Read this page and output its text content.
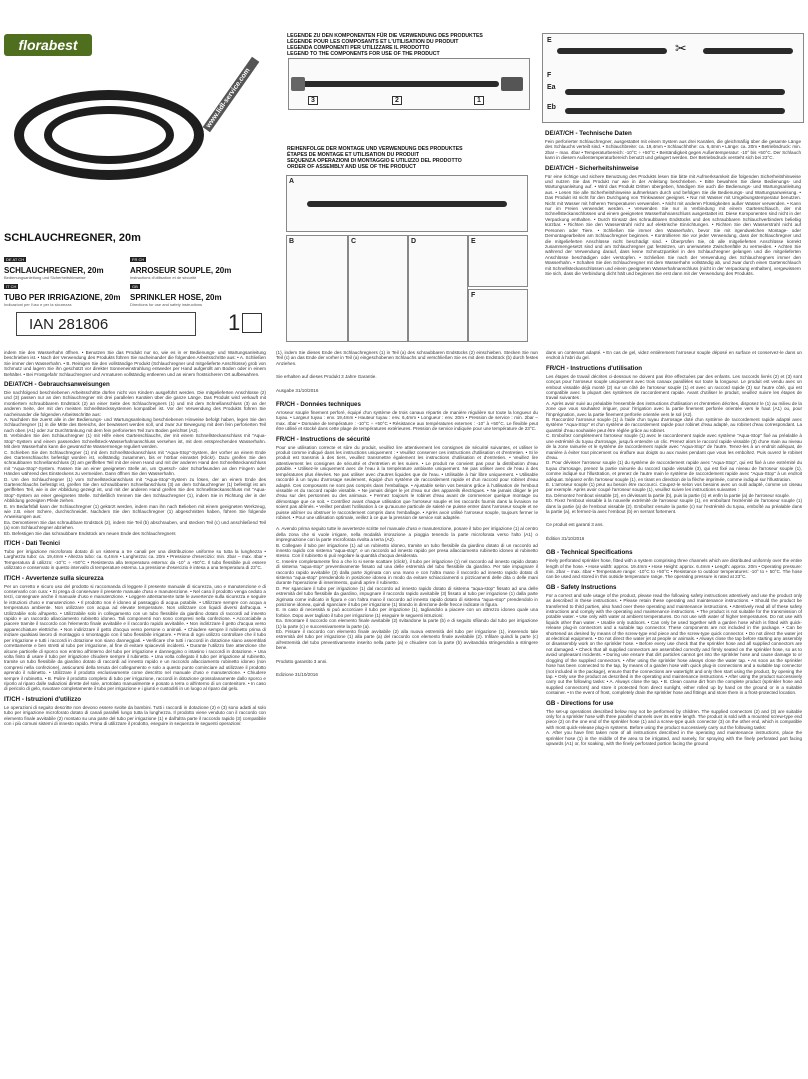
florabest
www.lidl-service.com
SCHLAUCHREGNER, 20m
DE AT CH
SCHLAUCHREGNER, 20m
Bedienungsanleitung und Sicherheitshinweise
IT CH
TUBO PER IRRIGAZIONE, 20m
Indicazioni per l'uso e per la sicurezza
FR CH
ARROSEUR SOUPLE, 20m
Instructions d'utilisation et de sécurité
GB
SPRINKLER HOSE, 20m
Directions for use and safety instructions
IAN 281806	1
LEGENDE ZU DEN KOMPONENTEN FÜR DIE VERWENDUNG DES PRODUKTES
LÉGENDE POUR LES COMPOSANTS ET L'UTILISATION DU PRODUIT
LEGENDA COMPONENTI PER UTILIZZARE IL PRODOTTO
LEGEND TO THE COMPONENTS FOR USE OF THE PRODUCT
3	2	1
REIHENFOLGE DER MONTAGE UND VERWENDUNG DES PRODUKTES
ÉTAPES DE MONTAGE ET UTILISATION DU PRODUIT
SEQUENZA OPERAZIONI DI MONTAGGIO E UTILIZZO DEL PRODOTTO
ORDER OF ASSEMBLY AND USE OF THE PRODUCT
A
B	C	D	E
F
E	✂
F
Ea
Eb
DE/AT/CH - Technische Daten
Fein perforierter Schlauchregner, ausgestattet mit einem System aus drei Kanälen, die gleichmäßig über die gesamte Länge des Schlauchs verteilt sind. • Schlauchbreite: ca. 19,4mm • Schlauchhöhe: ca. 6,4mm • Länge: ca. 20m • Betriebsdruck: min. 2bar – max. 4bar • Temperaturbereich: -10°C ÷ +50°C • Beständigkeit gegen Außentemperatur: -10° bis +50°C. Der Schlauch kann in diesem Außentemperaturbereich benutzt und gelagert werden. Der Betriebsdruck versteht sich bei 23°C.
DE/AT/CH - Sicherheitshinweise
Für eine richtige und sichere Benutzung des Produkts lesen Sie bitte mit Aufmerksamkeit die folgenden Sicherheitshinweise und nutzen Sie das Produkt nur wie in der Anleitung beschrieben. • Bitte bewahren Sie diese Bedienungs- und Wartungsanleitung auf. • Wird das Produkt Dritten übergeben, händigen Sie auch die Bedienungs- und Wartungsanleitung aus. • Lesen Sie alle Sicherheitshinweise aufmerksam durch und befolgen Sie die Bedienungs- und Wartungsanweisung. • Das Produkt ist nicht für den Durchgang von Trinkwasser geeignet. • Nur mit Wasser mit Umgebungstemperatur benutzen. Nicht mit Wasser mit höheren Temperaturen verwenden. • Nicht mit anderen Flüssigkeiten außer Wasser verwenden. • Kann nur im Freien verwendet werden. • Verwenden Sie nur in Verbindung mit einem Gartenschlauch, der mit Schnellsteckanschlüssen und einem geeigneten Wasserhahnanschluss ausgestattet ist. Diese Komponenten sind nicht in der Verpackung enthalten. • Durch Einsatz des schraubbaren Endstücks und des schraubbaren Schlauchverbinders beliebig kürzbar. • Richten Sie den Wasserstrahl nicht auf elektrische Einrichtungen. • Richten Sie den Wasserstrahl nicht auf Personen oder Tiere. • Schließen Sie immer den Wasserhahn, bevor Sie mit irgendwelchen Montage- oder Demontagearbeiten am Schlauchregner beginnen. • Kontrollieren Sie vor jeder Verwendung, dass der Schlauchregner und die mitgelieferten Anschlüsse nicht beschädigt sind. • Überprüfen Sie, ob alle mitgelieferten Anschlüsse korrekt zusammengesetzt sind und am Schlauchregner gut festsitzen, um unerwartete Zwischenfälle zu vermeiden. • Achten Sie während der Verwendung darauf, dass keine Schmutzpartikel in den Schlauchregner gelangen und die mitgelieferten Anschlüsse beschädigen oder verstopfen. • Schließen Sie nach der Verwendung des Schlauchregners immer den Wasserhahn. • Schalten Sie den Schlauchregner mit dem Wasserhahn vollständig ab, und zwar durch einen Gartenschlauch mit Schnellsteckanschlüssen und einem geeigneten Wasserhahnanschluss (nicht in der Verpackung enthalten), vergewissern Sie sich, dass die Verbindung dicht hält und beginnen Sie erst dann mit der Verwendung des Produkts.
indem Sie den Wasserhahn öffnen. • Benutzen Sie das Produkt nur so, wie es in er Bedienungs- und Wartungsanleitung beschrieben ist. • Nach der Verwendung des Produkts führen Sie nacheinander die folgenden Arbeitsschritte aus: • A. Schließen Sie immer den Wasserhahn. • B. Reinigen Sie den vollständige Produkt (Schlauchregner und mitgelieferte Anschlüsse) grob von Schmutz und lagern Sie ihn geschützt vor direkter Sonneneinstrahlung entweder per Hand aufgerollt am Boden oder in einem Behälter. • Bei Frostgefahr Schlauchregner und Armaturen vollständig entleeren und an einem frostsicheren Ort aufbewahren.
DE/AT/CH - Gebrauchsanweisungen
Die nachfolgend beschriebenen Arbeitsschritte dürfen nicht von Kindern ausgeführt werden. Die mitgelieferten Anschlüsse (2) und (3) passen nur an den Schlauchregner mit drei parallelen Kanälen über die ganze Länge. Das Produkt wird verkauft mit montiertem schraubbarem Endstück (2) an einer Seite des Schlauchregners (1) und mit dem Schnellanschluss (3) an der anderen Seite, der mit den meisten Schnellsteckssystemen kompatibel ist. Vor der Verwendung des Produkts führen Sie nacheinander die folgenden Arbeitsschritte aus:
A. Nachdem Sie zuerst alle in der Bedienungs- und Wartungsanleitung beschriebenen Hinweise befolgt haben, legen Sie den Schlauchregner (1) in die Mitte des Bereichs, der bewässert werden soll, und zwar zur Bewegung mit dem fein perforierten Teil nach oben (A1) oder zur Durchtränkung mit dem fein perforierten Teil zum Boden gerichtet (A2).
B. Verbinden Sie den Schlauchregner (1) mit Hilfe eines Gartenschlauchs, der mit einem Schnellsteckanschluss mit "Aqua-Stop"-System und einem passenden Schnellsteck-Wasserhahnanschluss versehen ist, mit dem entsprechenden Wasserhahn. Mit dem Wasserhahn kann die gewünschte Wassermenge reguliert werden.
C. Schieben Sie den Schlauchregner (1) mit dem Schnellsteckanschluss mit "Aqua-Stop"-System, der vorher an einem Ende des Gartenschlauchs befestigt worden ist, vollständig zusammen, bis er hörbar einrastet (Klick!). Dazu greifen Sie den schraubbaren Schnellanschluss (3) am geriffelten Teil mit der einen Hand und mit der anderen Hand den Schnellsteckanschluss mit "Aqua-Stop"-System. Fassen Sie an einer geeigneten Stelle an, um Quetsch- oder Schürfwunden an den Fingern oder Händen während des Einsteckens zu vermeiden. Dann öffnen Sie den Wasserhahn.
D. Um den Schlauchregner (1) vom Schnellsteckanschluss mit "Aqua-Stop"-System zu lösen, der an einem Ende des Gartenschlauchs befestigt ist, greifen Sie den schraubbaren Schnellanschluss (3) an dem Schlauchregner (1) befestigt ist am geriffelten Teil, wie in der Abbildung gezeigt ist, und mit der anderen Hand greifen Sie den Schnellsteckanschluss mit "Aqua-Stop"-System an einer geeigneten Stelle. Schließlich trennen Sie den Schlauchregner (1), indem Sie in Richtung der in der Abbildung gezeigten Pfeile ziehen.
E. Im Bedarfsfall kann der Schlauchregner (1) gekürzt werden, indem man ihn nach Belieben mit einem geeigneten Werkzeug, wie z.B. einer Schere, durchschneidet. Nachdem Sie den Schlauchregner (1) abgeschnitten haben, führen Sie folgende Anweisungen aus:
Ea. Demontieren Sie das schraubbare Endstück (2), indem Sie Teil (b) abschrauben, und stecken Teil (c) und anschließend Teil (a) vom Schlauchregner abziehen.
Eb. Befestigen Sie das schraubbare Endstück am neuen Ende des Schlauchregners
IT/CH - Dati Tecnici
Tubo per irrigazione microforato dotato di un sistema a tre canali per una distribuzione uniforme su tutta la lunghezza • Larghezza tubo: ca. 19,4mm • Altezza tubo: ca. 6,4mm • Lunghezza: ca. 20m • Pressione d'esercizio: min. 2bar – max. 4bar • Temperatura di utilizzo: -10°C ÷ +50°C • Resistenza alla temperatura esterna: da -10° a +50°C. Il tubo flessibile può essere utilizzato e conservato in questo intervallo di temperature esterna. La pressione d'esercizio è intesa a una temperatura di 23°C.
IT/CH - Avvertenze sulla sicurezza
Per un corretto e sicuro uso del prodotto si raccomanda di leggere il presente manuale di sicurezza, uso e manutenzione e di conservarlo con cura: • Si prega di conservare il presente manuale d'uso e manutenzione. • Nel caso il prodotto venga ceduto a terzi, consegnare anche il manuale d'uso e manutenzione. • Leggere attentamente tutte le avvertenze sulla sicurezza e seguire le istruzioni d'uso e manutenzione. • Il prodotto non è idoneo al passaggio di acqua potabile. • Utilizzare sempre con acqua a temperatura ambiente. Non utilizzare con acqua ad elevate temperature. Non utilizzare con liquidi diversi dall'acqua. • Utilizzabile solo all'aperto. • Utilizzabile solo in collegamento con un tubo flessibile da giardino dotato di raccordi ad innesto rapido e un raccordo allacciamento rubinetto idoneo. Tali componenti non sono compresi nella confezione. • Accorciabile a piacere tramite il raccordo con l'elemento finale avvitabile e il raccordo rapido avvitabile. • Non indirizzare il getto d'acqua verso apparecchiature elettriche. • Non indirizzare il getto d'acqua verso persone o animali. • Chiudere sempre il rubinetto prima di iniziare qualsiasi lavoro di montaggio o smontaggio con il tubo flessibile irrigatore. • Prima di ogni utilizzo controllare che il tubo per irrigazione e tutti i raccordi in dotazione non siano danneggiati. • Verificare che tutti i raccordi in dotazione siano assemblati correttamente e ben stretti al tubo per irrigazione, al fine di evitare spiacevoli incidenti. • Durante l'utilizzo fare attenzione che alcune particelle di sporco non entrino all'interno del tubo per irrigazione e danneggino o intasino i raccordi in dotazione. • Una volta finito di usare il tubo per irrigazione chiudere sempre il rubinetto. • Una volta collegato il tubo per irrigazione al rubinetto, tramite un tubo flessibile da giardino dotato di raccordi ad innesto rapido e un raccordo allacciamento rubinetto idoneo (non compresi nella confezione), assicurarsi della tenuta del collegamento e solo a questo punto cominciare ad utilizzare il prodotto aprendo il rubinetto. • Utilizzare il prodotto esclusivamente come descritto nel manuale d'uso e manutenzione. • Chiudere sempre il rubinetto. • B. Pulire il prodotto completo di tubo per irrigazione, raccordi in dotazione grossolanamente dallo sporco e riporlo al riparo dalle radiazioni dirette del sole, arrotolato manualmente e posato a terra o all'interno di un contenitore. • In caso di pericolo di gelo, svuotare completamente il tubo per irrigazione e i giunti e custodirli in un luogo al riparo dal gelo.
IT/CH - Istruzioni d'utilizzo
Le operazioni di seguito descritte non devono essere svolte da bambini. Tutti i raccordi in dotazione (2) e (3) sono adatti al solo tubo per irrigazione microforato dotato di canali paralleli lungo tutta la lunghezza. Il prodotto viene venduto con il raccordo con elemento finale avvitabile (2) montato su una parte del tubo per irrigazione (1) e dall'altra parte il raccordo rapido (3) compatibile con i più comuni sistemi di innesto rapido. Prima di utilizzare il prodotto, eseguire in sequenza le seguenti operazioni:
(1), indem Sie dieses Ende des Schlauchregners (1) in Teil (a) des schraubbaren Endstücks (2) einschieben. Stecken Sie nun Teil (c) an das Ende der vorher in Teil (a) eingeschobenen Schlauchs und verschließen Sie es mit dem Endstück (b) durch festes Anziehen.
Sie erhalten auf dieses Produkt 3 Jahre Garantie.
Ausgabe 31/10/2016
FR/CH - Données techniques
Arroseur souple finement perforé, équipé d'un système de trois canaux répartis de manière régulière sur toute la longueur du tuyau. • Largeur tuyau : env. 19,4mm • Hauteur tuyau : env. 6,4mm • Longueur : env. 20m • Pression de service : min. 2bar – max. 4bar • Domaine de température : -10°C ÷ +50°C • Résistance aux températures externes : -10° à +50°C. Le flexible peut être utilisé et stocké dans cette plage de températures extérieures. Pression de service indiquée pour une température de 23°C.
FR/CH - Instructions de sécurité
Pour une utilisation correcte et sûre du produit, veuillez lire attentivement les consignes de sécurité suivantes, et utiliser le produit comme indiqué dans les instructions uniquement : • Veuillez conserver ces instructions d'utilisation et d'entretien. • Si le produit est transmis à des tiers, veuillez transmettre également les instructions d'utilisation et d'entretien. • Veuillez lire attentivement les consignes de sécurité et d'entretien et les suivre. • Le produit ne convient pas pour la distribution d'eau potable. • Utilisez-le uniquement avec de l'eau à la température ambiante uniquement. Ne pas utiliser avec de l'eau à des températures plus élevées. Ne pas utiliser avec d'autres liquides que de l'eau. • Utilisable à l'air libre uniquement. • Utilisable raccordé à un tuyau d'arrosage seulement, équipé d'un système de raccordement rapide et d'un raccord pour robinet d'eau adapté. Ces composants ne sont pas compris dans l'emballage. • Ajustable selon vos besoins grâce à l'utilisation de l'embout vissable et du raccord rapide vissable. • Ne jamais diriger le jet d'eau sur des appareils électriques. • Ne jamais diriger le jet d'eau sur des personnes ou des animaux. • Fermez toujours le robinet d'eau avant de commencer quelque montage ou démontage que ce soit. • Contrôlez avant chaque utilisation que l'arroseur souple et les raccords fournis dans la livraison ne soient pas abîmés. • Veillez pendant l'utilisation à ce qu'aucune particule de saleté ne puisse entrer dans l'arroseur souple et ne puisse abîmer ou obstruer le raccordement compris dans l'emballage. • Après avoir utilisé l'arroseur souple, toujours fermer le robinet. • Pour une utilisation optimale, veillez à ce que la pression de service soit adaptée.
A. Avendo prima seguito tutte le avvertenze scritte nel manuale d'uso e manutenzione, posare il tubo per irrigazione (1) al centro della zona che si vuole irrigare, nella modalità irrorazione a pioggia tenendo la parte microforata verso l'alto (A1) o impregnazione con la parte microforata rivolta a terra (A2).
B. Collegare il tubo per irrigazione (1) ad un rubinetto idoneo, tramite un tubo flessibile da giardino dotato di un raccordo ad innesto rapido con sistema "aqua-stop", e un raccordo ad innesto rapido per presa allacciamento rubinetto idoneo al rubinetto stesso. Con il rubinetto si può regolare la quantità d'acqua desiderata.
C. Inserire completamente fino a che lo si sente scattare (click!), il tubo per irrigazione (1) nel raccordo ad innesto rapido dotato di sistema "aqua-stop" preventivamente fissato ad una delle estremità del tubo flessibile da giardino. Per tale impugnare il raccordo rapido avvitabile (3) dalla parte zigrinata con una mano e con l'altra mano il raccordo ad innesto rapido dotato di sistema "aqua-stop" prendendolo in posizione idonea in modo da evitare schiacciamenti o pizzicamenti delle dita o delle mani durante l'operazione di inserimento, quindi aprire il rubinetto.
D. Per sganciare il tubo per irrigazione (1) dal raccordo ad innesto rapido dotato di sistema "aqua-stop" fissato ad una delle estremità del tubo flessibile da giardino, impugnare il raccordo rapido avvitabile (3) fissato al tubo per irrigazione (1) dalla parte zigrinata come indicato in figura e con l'altra mano il raccordo ad innesto rapido dotato di sistema "aqua-stop" prendendolo in posizione idonea, quindi sganciare il tubo per irrigazione (1) tirando in direzione delle frecce indicate in figura.
E. In caso di necessità si può accorciare il tubo per irrigazione (1), tagliandolo a piacere con un attrezzo idoneo quale una forbice. Dopo aver tagliato il tubo per irrigazione (1) eseguire le seguenti istruzioni:
Ea. Smontare il raccordo con elemento finale avvitabile (2) svitandone la parte (b) e di seguito sfilando dal tubo per irrigazione (1) la parte (c) e successivamente la parte (a).
Eb. Fissare il raccordo con elemento finale avvitabile (2) alla nuova estremità del tubo per irrigazione (1), inserendo tale estremità del tubo per irrigazione (1) alla parte (a) del raccordo con elemento finale avvitabile (2). Infilare quindi la parte (c) all'estremità del tubo preventivamente inserito nella parte (a) e chiudere con la parte (b) avvitandola stringendola a stringere bene.
Prodotto garantito 3 anni.
Edizione 31/10/2016
dans un contenant adapté. • En cas de gel, videz entièrement l'arroseur souple déposé en surface et conservez-le dans un endroit à l'abri du gel.
FR/CH - Instructions d'utilisation
Les étapes de travail décrites ci-dessous ne doivent pas être effectuées par des enfants. Les raccords livrés (2) et (3) sont conçus pour l'arroseur souple uniquement avec trois canaux parallèles sur toute la longueur. Le produit est vendu avec un embout vissable déjà monté (2) sur un côté de l'arroseur souple (1) et avec un raccord rapide (3) sur l'autre côté, qui est compatible avec la plupart des systèmes de raccordement rapide. Avant d'utiliser le produit, veuillez suivre les étapes de travail suivantes :
A. Après avoir suivi au préalable l'ensemble des instructions d'utilisation et d'entretien décrites, disposez le (1) au milieu de la zone que vous souhaitez irriguer, pour l'irrigation avec la partie finement perforée orientée vers le haut (A1) ou, pour l'imprégnation, avec la partie finement perforée orientée vers le sol (A2).
B. Raccordez l'arroseur souple (1) à l'aide d'un tuyau d'arrosage doté d'un système de raccordement rapide adapté avec système "Aqua-Stop" et d'un système de raccordement rapide pour robinet d'eau adapté, au robinet d'eau correspondant. La quantité d'eau souhaitée peut être réglée grâce au robinet.
C. Emboîtez complètement l'arroseur souple (1) avec le raccordement rapide avec système "Aqua-Stop" fixé au préalable à une extrémité du tuyau d'arrosage, jusqu'à entendre un clic. Prenez alors le raccord rapide vissable (3) d'une main au niveau de la zone rainurée et le système de raccordement rapide avec "Aqua-Stop" de l'autre. Tenez-les à un endroit adéquat, de manière à éviter tout pincement ou éraflure aux doigts ou aux mains pendant que vous les emboîtez. Puis ouvrez le robinet d'eau.
D. Pour dévisser l'arroseur souple (1) du système de raccordement rapide avec "Aqua-Stop", qui est fixé à une extrémité du tuyau d'arrosage, prenez la partie rainurée du raccord rapide vissable (3), qui est fixé au niveau de l'arroseur souple (1), comme indiqué sur l'illustration, et prenez de l'autre main le système de raccordement rapide avec "Aqua-Stop" à un endroit adéquat. Séparez enfin l'arroseur souple (1), en tirant en direction de la flèche imprimée, comme indiqué sur l'illustration.
E. L'arroseur souple (1) peut au besoin être raccourci. Coupez-le selon vos besoins avec un outil adapté, comme un ciseau par exemple. Après avoir coupé l'arroseur souple (1), veuillez suivre les instructions suivantes :
Ea. Démontez l'embout vissable (2), en dévissant la partie (b), puis la partie (c) et enfin la partie (a) de l'arroseur souple.
Eb. Fixez l'embout vissable à la nouvelle extrémité de l'arroseur souple (1), en emboîtant l'extrémité de l'arroseur souple (1) dans la partie (a) de l'embout vissable (2). Emboîtez ensuite la partie (c) sur l'extrémité du tuyau, emboîté au préalable dans la partie (a), et fermez-la avec l'embout (b) en serrant fortement.
Ce produit est garanti 3 ans.
Édition 31/10/2016
GB - Technical Specifications
Finely perforated sprinkler hose, fitted with a system comprising three channels which are distributed uniformly over the entire length of the hose. • Hose width: approx. 19.4mm • Hose Height: approx. 6.4mm • Length: approx. 20m • Operating pressure: min. 2bar – max. 4bar • Temperature range: -10°C to +50°C • Resistance to outdoor temperatures: -10° to + 50°C. The hose can be used and stored in this outside temperature range. The operating pressure is rated at 23°C.
GB - Safety Instructions
For a correct and safe usage of the product, please read the following safety instructions attentively and use the product only as described in these instructions. • Please retain these operating and maintenance instructions. • Should the product be transferred to third parties, also hand over these operating and maintenance instructions. • Attentively read all of these safety instructions and comply with the operating and maintenance instructions. • The product is not suitable for the transmission of potable water. • Use only with water at ambient temperatures. Do not use with water of higher temperatures. Do not use with liquids other than water. • Usable only outdoors. • Can only be used together with a garden hose which is fitted with quick-release plug-in connectors and a suitable tap connector. These components are not included in the package. • Can be shortened as desired by means of the screw-type end piece and the screw-type quick connector. • Do not direct the water jet at electrical equipment. • Do not direct the water jet at people or animals. • Always close the tap before starting any assembly or disassembly work on the sprinkler hose. • Before every use check that the sprinkler hose and all supplied connectors are not damaged. • Check that all supplied connectors are assembled correctly and firmly seated on the sprinkler hose, so as to avoid unpleasant incidents. • During use ensure that dirt particles cannot get into the sprinkler hose and cause damage to or clogging of the supplied connectors. • After using the sprinkler hose always close the water tap. • As soon as the sprinkler hose has been connected to the tap, by means of a garden hose with quick plug-in connections and a suitable tap connector (not included in the package), ensure that the connections are watertight and only then start using the product, by opening the tap. • Only use the product as described in the operating and maintenance instructions. • After using the product successively carry out the following tasks: • A. Always close the tap. • B. Clean coarse dirt from the complete product (sprinkler hose and supplied connectors) and store it protected from direct sunlight, either rolled up by hand on the ground or in a suitable container. • In the event of frost, completely drain the sprinkler hose and fittings and store them in a frost-protected location.
GB - Directions for use
The set-up operations described below may not be performed by children. The supplied connectors (2) and (3) are suitable only for a sprinkler hose with three parallel channels over its entire length. The product is sold with a mounted screw-type end piece (2) on the one end of the sprinkler hose (1) and a screw-type quick connector (3) on the other end, which is compatible with most quick-release plug-in systems. Before using the product successively carry out the following tasks:
A. After you have first taken note of all instructions described in the operating and maintenance instructions, place the sprinkler hose (1) in the middle of the area to be irrigated, and namely, for spraying with the finely perforated part facing upwards (A1) or, for soaking, with the finely perforated portion facing the ground
